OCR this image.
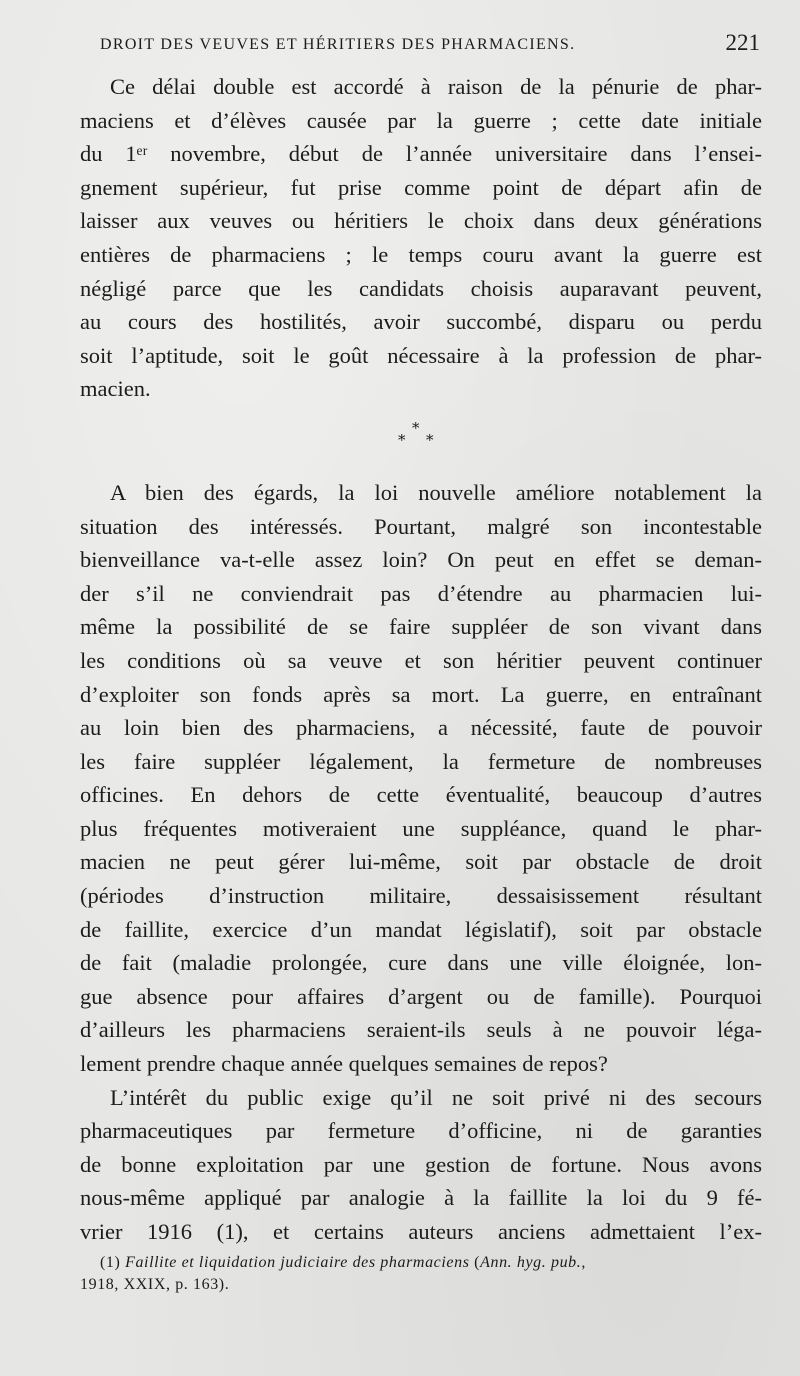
DROIT DES VEUVES ET HÉRITIERS DES PHARMACIENS.	221
Ce délai double est accordé à raison de la pénurie de phar-
maciens et d’élèves causée par la guerre ; cette date initiale
du 1ᵉʳ novembre, début de l’année universitaire dans l’ensei-
gnement supérieur, fut prise comme point de départ afin de
laisser aux veuves ou héritiers le choix dans deux générations
entières de pharmaciens ; le temps couru avant la guerre est
négligé parce que les candidats choisis auparavant peuvent,
au cours des hostilités, avoir succombé, disparu ou perdu
soit l’aptitude, soit le goût nécessaire à la profession de phar-
macien.
*
* *
A bien des égards, la loi nouvelle améliore notablement la
situation des intéressés. Pourtant, malgré son incontestable
bienveillance va-t-elle assez loin? On peut en effet se deman-
der s’il ne conviendrait pas d’étendre au pharmacien lui-
même la possibilité de se faire suppléer de son vivant dans
les conditions où sa veuve et son héritier peuvent continuer
d’exploiter son fonds après sa mort. La guerre, en entraînant
au loin bien des pharmaciens, a nécessité, faute de pouvoir
les faire suppléer légalement, la fermeture de nombreuses
officines. En dehors de cette éventualité, beaucoup d’autres
plus fréquentes motiveraient une suppléance, quand le phar-
macien ne peut gérer lui-même, soit par obstacle de droit
(périodes d’instruction militaire, dessaisissement résultant
de faillite, exercice d’un mandat législatif), soit par obstacle
de fait (maladie prolongée, cure dans une ville éloignée, lon-
gue absence pour affaires d’argent ou de famille). Pourquoi
d’ailleurs les pharmaciens seraient-ils seuls à ne pouvoir léga-
lement prendre chaque année quelques semaines de repos?
L’intérêt du public exige qu’il ne soit privé ni des secours
pharmaceutiques par fermeture d’officine, ni de garanties
de bonne exploitation par une gestion de fortune. Nous avons
nous-même appliqué par analogie à la faillite la loi du 9 fé-
vrier 1916 (1), et certains auteurs anciens admettaient l’ex-
(1) Faillite et liquidation judiciaire des pharmaciens (Ann. hyg. pub.,
1918, XXIX, p. 163).
